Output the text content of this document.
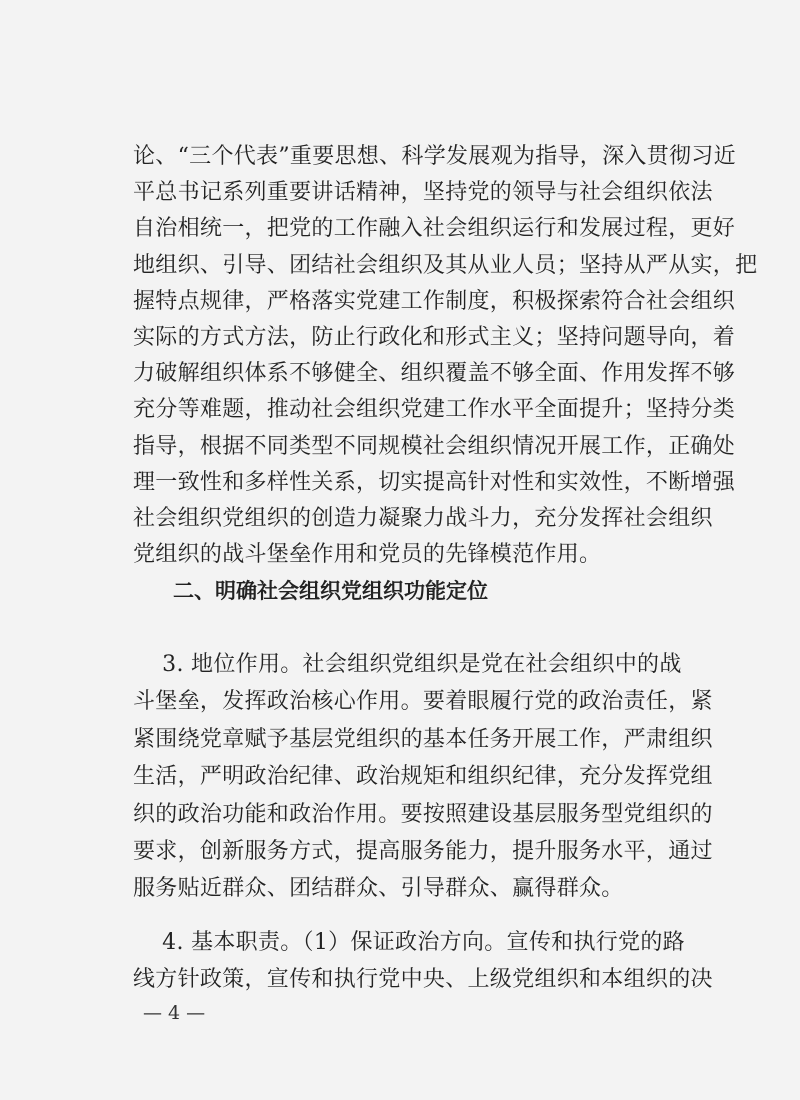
论、“三个代表”重要思想、科学发展观为指导，深入贯彻习近
平总书记系列重要讲话精神，坚持党的领导与社会组织依法
自治相统一，把党的工作融入社会组织运行和发展过程，更好
地组织、引导、团结社会组织及其从业人员；坚持从严从实，把
握特点规律，严格落实党建工作制度，积极探索符合社会组织
实际的方式方法，防止行政化和形式主义；坚持问题导向，着
力破解组织体系不够健全、组织覆盖不够全面、作用发挥不够
充分等难题，推动社会组织党建工作水平全面提升；坚持分类
指导，根据不同类型不同规模社会组织情况开展工作，正确处
理一致性和多样性关系，切实提高针对性和实效性，不断增强
社会组织党组织的创造力凝聚力战斗力，充分发挥社会组织
党组织的战斗堡垒作用和党员的先锋模范作用。
二、明确社会组织党组织功能定位
3. 地位作用。社会组织党组织是党在社会组织中的战
斗堡垒，发挥政治核心作用。要着眼履行党的政治责任，紧
紧围绕党章赋予基层党组织的基本任务开展工作，严肃组织
生活，严明政治纪律、政治规矩和组织纪律，充分发挥党组
织的政治功能和政治作用。要按照建设基层服务型党组织的
要求，创新服务方式，提高服务能力，提升服务水平，通过
服务贴近群众、团结群众、引导群众、赢得群众。
4. 基本职责。（1）保证政治方向。宣传和执行党的路
线方针政策，宣传和执行党中央、上级党组织和本组织的决
— 4 —
